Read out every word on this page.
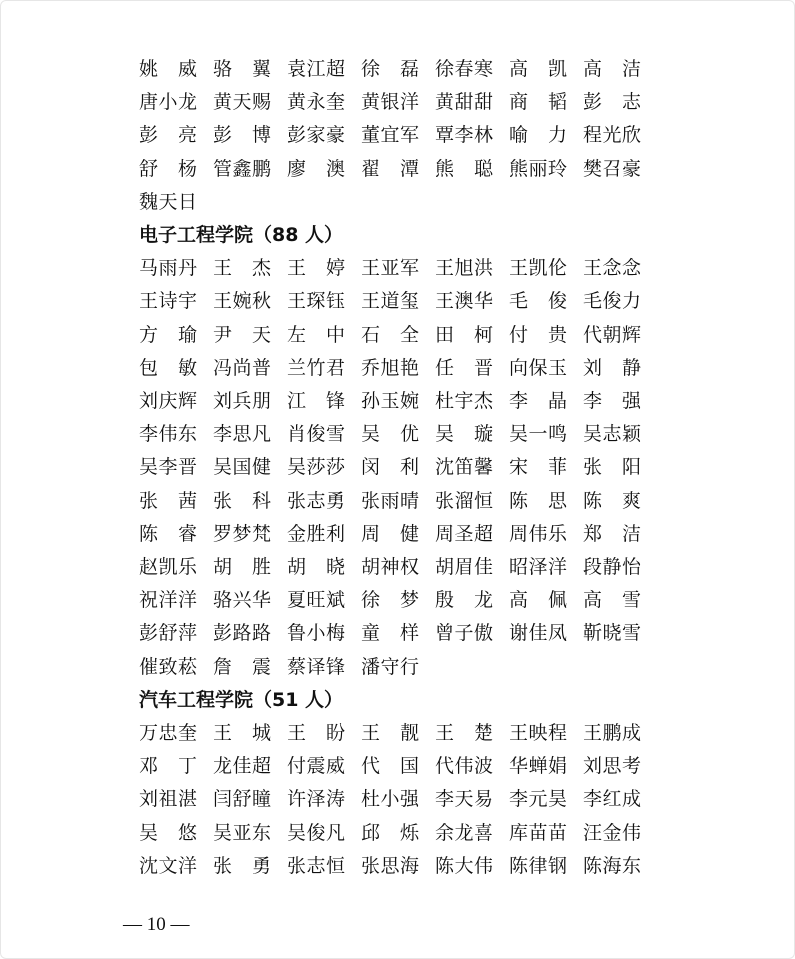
姚　威 骆　翼 袁江超 徐　磊 徐春寒 高　凯 高　洁
唐小龙 黄天赐 黄永奎 黄银洋 黄甜甜 商　韬 彭　志
彭　亮 彭　博 彭家豪 董宜军 覃李林 喻　力 程光欣
舒　杨 管鑫鹏 廖　澳 翟　潭 熊　聪 熊丽玲 樊召豪
魏天日
电子工程学院（88 人）
马雨丹 王　杰 王　婷 王亚军 王旭洪 王凯伦 王念念
王诗宇 王婉秋 王琛钰 王道玺 王澳华 毛　俊 毛俊力
方　瑜 尹　天 左　中 石　全 田　柯 付　贵 代朝辉
包　敏 冯尚普 兰竹君 乔旭艳 任　晋 向保玉 刘　静
刘庆辉 刘兵朋 江　锋 孙玉婉 杜宇杰 李　晶 李　强
李伟东 李思凡 肖俊雪 吴　优 吴　璇 吴一鸣 吴志颖
吴李晋 吴国健 吴莎莎 闵　利 沈笛馨 宋　菲 张　阳
张　茜 张　科 张志勇 张雨晴 张溜恒 陈　思 陈　爽
陈　睿 罗梦梵 金胜利 周　健 周圣超 周伟乐 郑　洁
赵凯乐 胡　胜 胡　晓 胡神权 胡眉佳 昭泽洋 段静怡
祝洋洋 骆兴华 夏旺斌 徐　梦 殷　龙 高　佩 高　雪
彭舒萍 彭路路 鲁小梅 童　样 曾子傲 谢佳凤 靳晓雪
催致菘 詹　震 蔡译锋 潘守行
汽车工程学院（51 人）
万忠奎 王　城 王　盼 王　靓 王　楚 王映程 王鹏成
邓　丁 龙佳超 付震威 代　国 代伟波 华蝉娟 刘思考
刘祖湛 闫舒瞳 许泽涛 杜小强 李天易 李元昊 李红成
吴　悠 吴亚东 吴俊凡 邱　烁 余龙喜 库苗苗 汪金伟
沈文洋 张　勇 张志恒 张思海 陈大伟 陈律钢 陈海东
— 10 —
